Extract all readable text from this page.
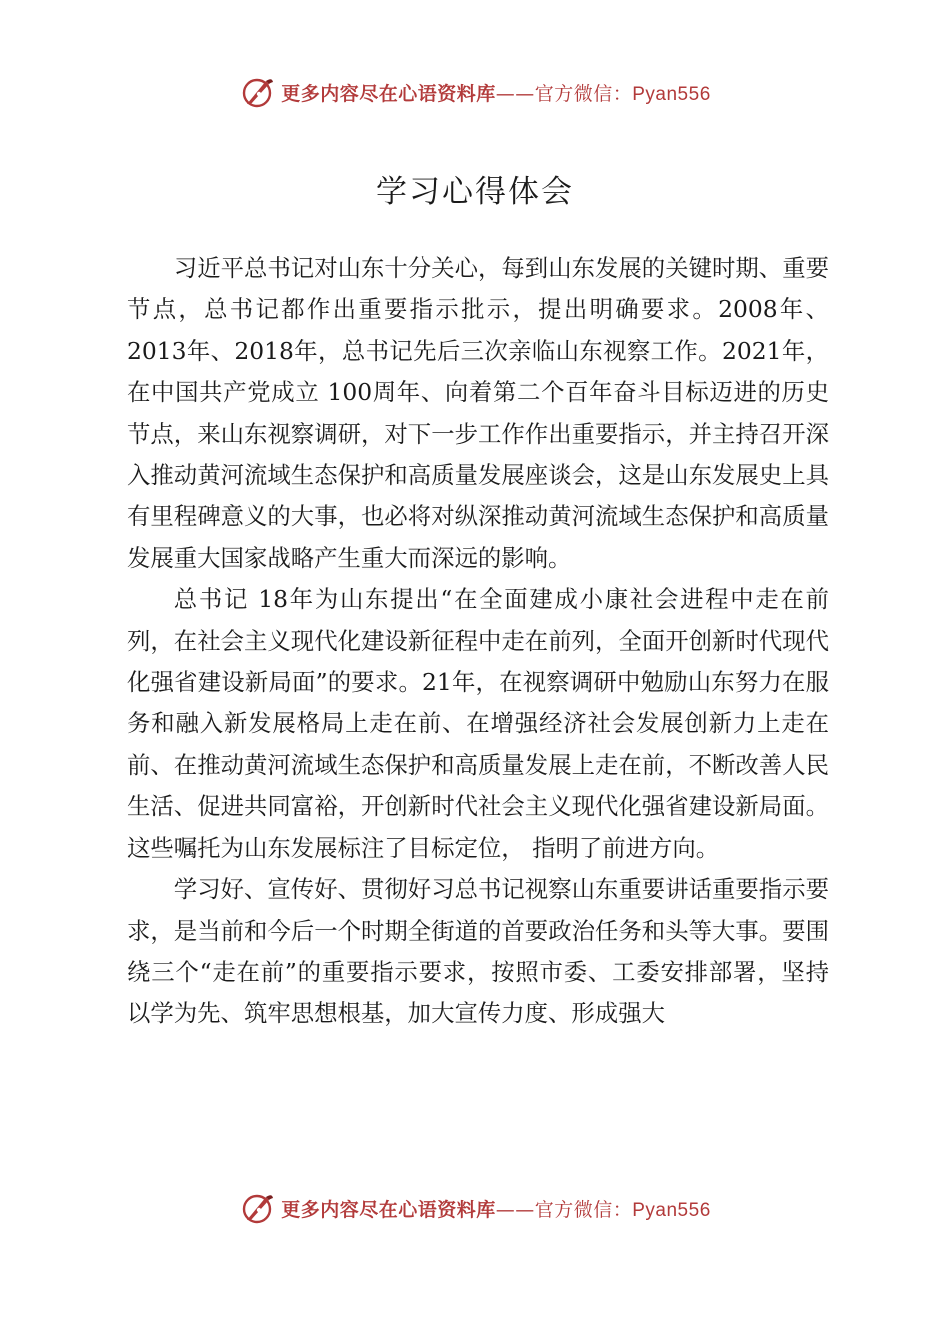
更多内容尽在心语资料库——官方微信：Pyan556
学习心得体会

习近平总书记对山东十分关心，每到山东发展的关键时期、重要节点，总书记都作出重要指示批示，提出明确要求。2008年、2013年、2018年，总书记先后三次亲临山东视察工作。2021年，在中国共产党成立 100周年、向着第二个百年奋斗目标迈进的历史节点，来山东视察调研，对下一步工作作出重要指示，并主持召开深入推动黄河流域生态保护和高质量发展座谈会，这是山东发展史上具有里程碑意义的大事，也必将对纵深推动黄河流域生态保护和高质量发展重大国家战略产生重大而深远的影响。

总书记 18年为山东提出“在全面建成小康社会进程中走在前列，在社会主义现代化建设新征程中走在前列，全面开创新时代现代化强省建设新局面”的要求。21年，在视察调研中勉励山东努力在服务和融入新发展格局上走在前、在增强经济社会发展创新力上走在前、在推动黄河流域生态保护和高质量发展上走在前，不断改善人民生活、促进共同富裕，开创新时代社会主义现代化强省建设新局面。这些嘱托为山东发展标注了目标定位， 指明了前进方向。

学习好、宣传好、贯彻好习总书记视察山东重要讲话重要指示要求，是当前和今后一个时期全街道的首要政治任务和头等大事。要围绕三个“走在前”的重要指示要求，按照市委、工委安排部署，坚持以学为先、筑牢思想根基，加大宣传力度、形成强大

更多内容尽在心语资料库——官方微信：Pyan556
